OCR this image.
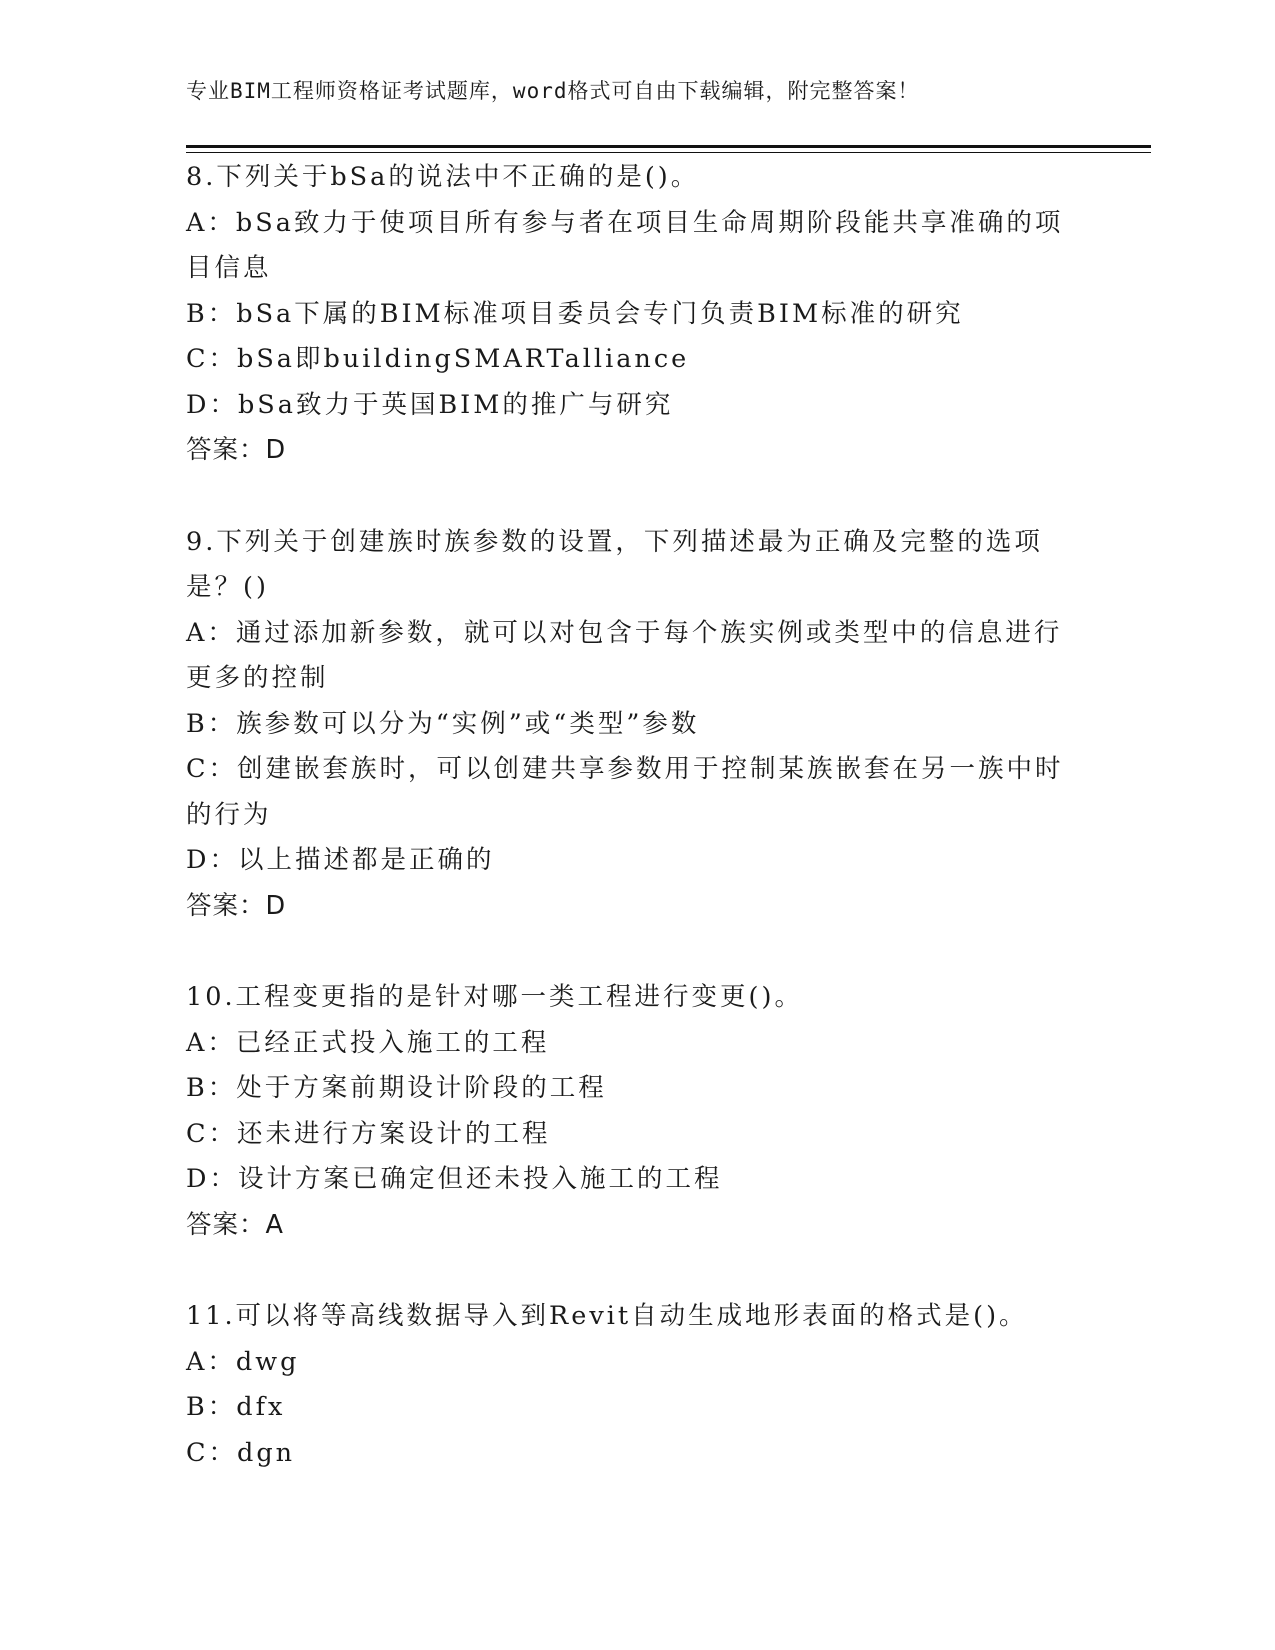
专业BIM工程师资格证考试题库，word格式可自由下载编辑，附完整答案！
8.下列关于bSa的说法中不正确的是()。
A：bSa致力于使项目所有参与者在项目生命周期阶段能共享准确的项
目信息
B：bSa下属的BIM标准项目委员会专门负责BIM标准的研究
C：bSa即buildingSMARTalliance
D：bSa致力于英国BIM的推广与研究
答案：D
9.下列关于创建族时族参数的设置，下列描述最为正确及完整的选项
是？()
A：通过添加新参数，就可以对包含于每个族实例或类型中的信息进行
更多的控制
B：族参数可以分为“实例”或“类型”参数
C：创建嵌套族时，可以创建共享参数用于控制某族嵌套在另一族中时
的行为
D：以上描述都是正确的
答案：D
10.工程变更指的是针对哪一类工程进行变更()。
A：已经正式投入施工的工程
B：处于方案前期设计阶段的工程
C：还未进行方案设计的工程
D：设计方案已确定但还未投入施工的工程
答案：A
11.可以将等高线数据导入到Revit自动生成地形表面的格式是()。
A：dwg
B：dfx
C：dgn
